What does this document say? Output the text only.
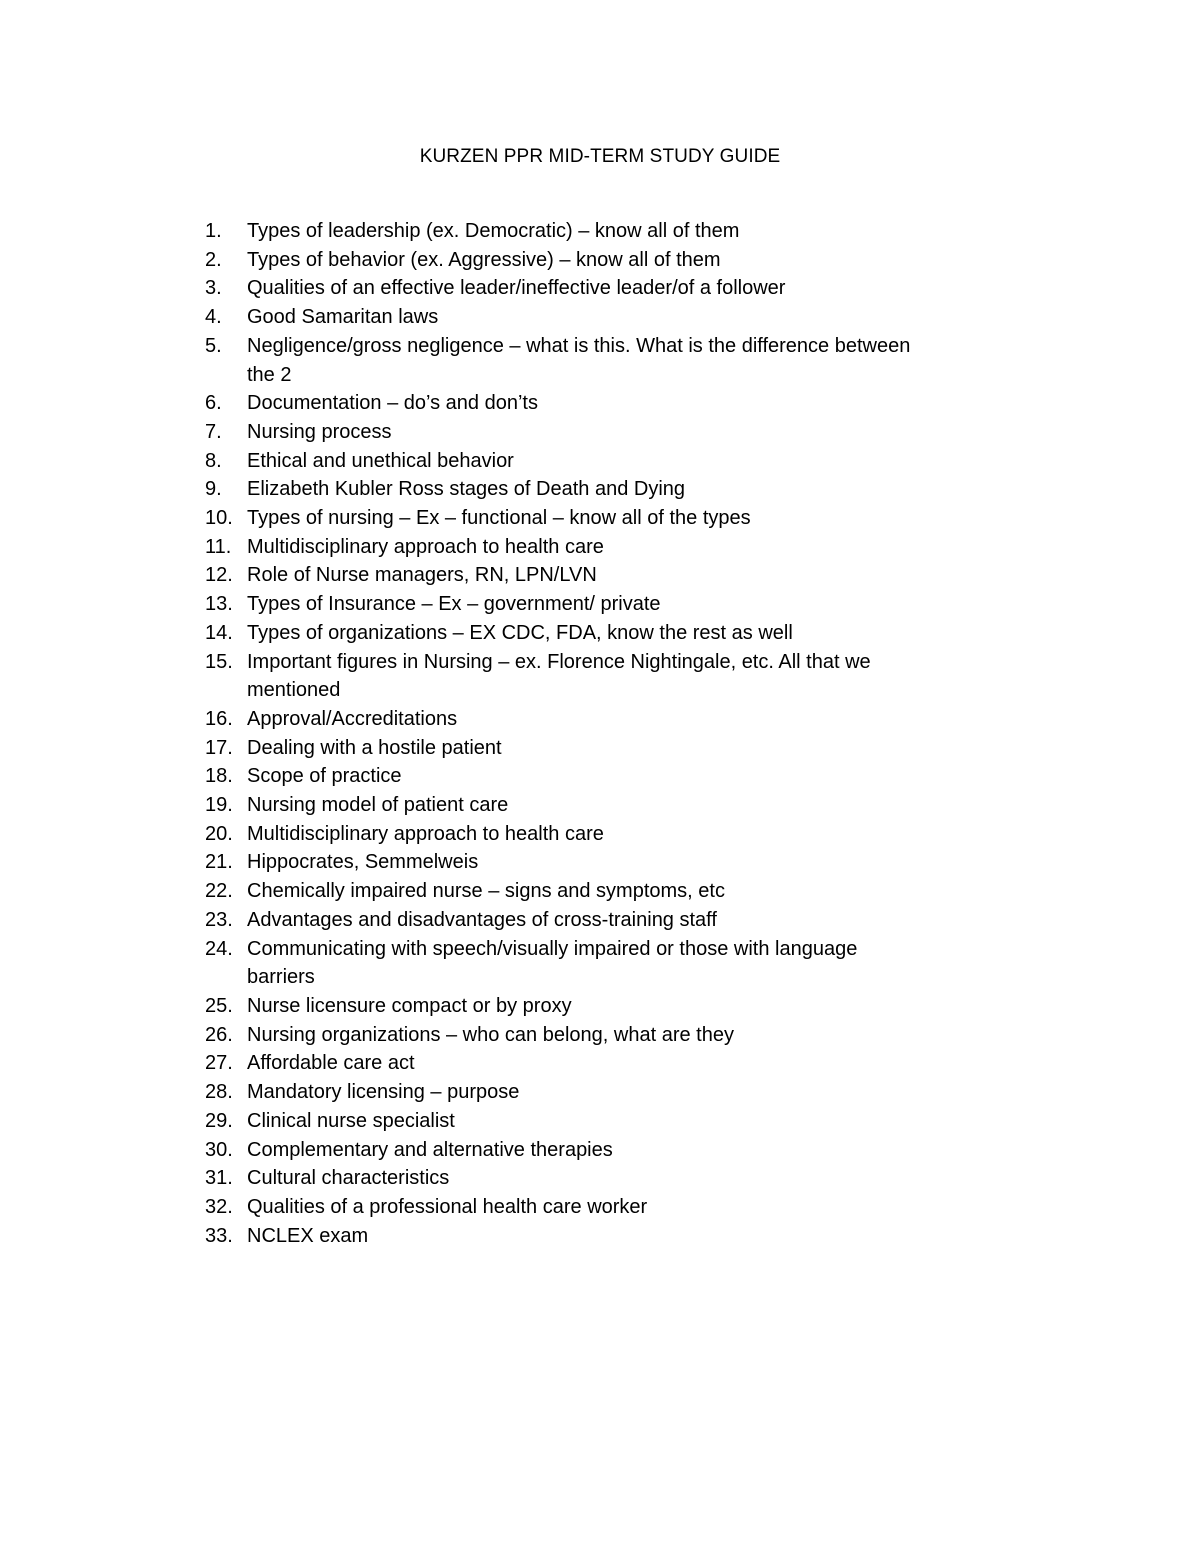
KURZEN PPR MID-TERM STUDY GUIDE
1.	Types of leadership (ex. Democratic) – know all of them
2.	Types of behavior (ex. Aggressive) – know all of them
3.	Qualities of an effective leader/ineffective leader/of a follower
4.	Good Samaritan laws
5.	Negligence/gross negligence – what is this. What is the difference between the 2
6.	Documentation – do’s and don’ts
7.	Nursing process
8.	Ethical and unethical behavior
9.	Elizabeth Kubler Ross stages of Death and Dying
10. Types of nursing – Ex – functional – know all of the types
11. Multidisciplinary approach to health care
12. Role of Nurse managers, RN, LPN/LVN
13. Types of Insurance – Ex – government/ private
14. Types of organizations – EX CDC, FDA, know the rest as well
15. Important figures in Nursing – ex. Florence Nightingale, etc. All that we mentioned
16. Approval/Accreditations
17. Dealing with a hostile patient
18. Scope of practice
19. Nursing model of patient care
20. Multidisciplinary approach to health care
21. Hippocrates, Semmelweis
22. Chemically impaired nurse – signs and symptoms, etc
23. Advantages and disadvantages of cross-training staff
24. Communicating with speech/visually impaired or those with language barriers
25. Nurse licensure compact or by proxy
26. Nursing organizations – who can belong, what are they
27. Affordable care act
28. Mandatory licensing – purpose
29. Clinical nurse specialist
30. Complementary and alternative therapies
31. Cultural characteristics
32. Qualities of a professional health care worker
33. NCLEX exam
